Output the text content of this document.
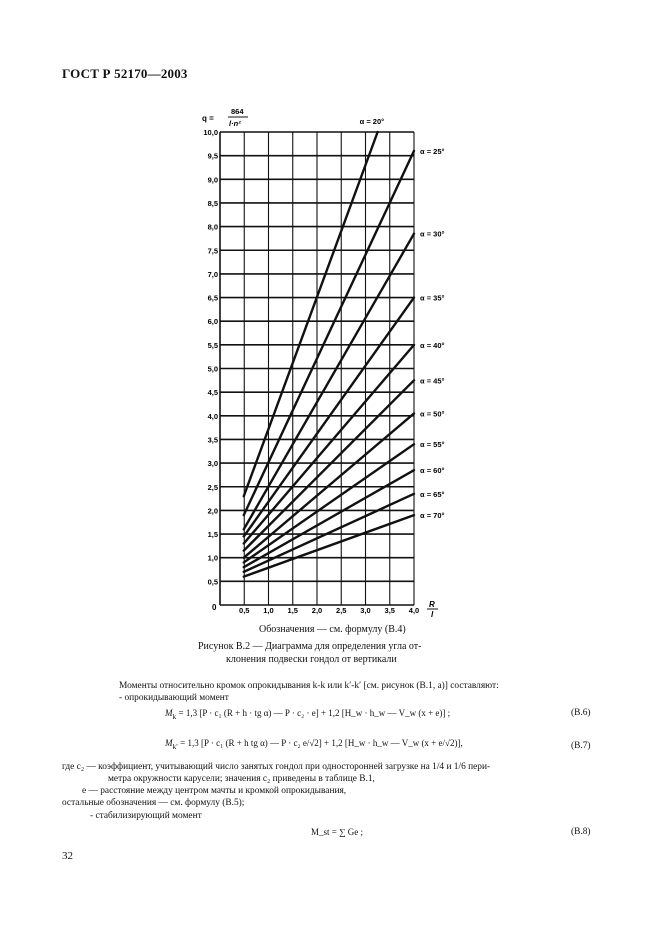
ГОСТ Р 52170—2003
10,0
9,5
9,0
8,5
8,0
7,5
7,0
6,5
6,0
5,5
5,0
4,5
4,0
3,5
3,0
2,5
2,0
1,5
1,0
0,5
0,5 1,0 1,5 2,0 2,5 3,0 3,5 4,0
α = 20°
α = 25°
α = 30°
α = 35°
α = 40°
α = 45°
α = 50°
α = 55°
α = 60°
α = 65°
α = 70°
q =
864
l·n²
0	R
l
Обозначения — см. формулу (B.4)
Рисунок В.2 — Диаграмма для определения угла от-
клонения подвески гондол от вертикали
Моменты относительно кромок опрокидывания k-k или k′-k′ [см. рисунок (В.1, а)] составляют:
- опрокидывающий момент
$M_k = 1,3$ [P · c₁ (R + h · tg α) — P · c₂ · e] + 1,2 [H_w · h_w — V_w (x + e)] ;	(B.6)
$M_{k'} = 1,3$ [P · c₁ (R + h tg α) — P · c₂ e/√2] + 1,2 [H_w · h_w — V_w (x + e/√2)],	(B.7)
где c₂ — коэффициент, учитывающий число занятых гондол при односторонней загрузке на 1/4 и 1/6 пери-
метра окружности карусели; значения c₂ приведены в таблице В.1,
e — расстояние между центром мачты и кромкой опрокидывания,
остальные обозначения — см. формулу (В.5);
- стабилизирующий момент
M_st = ∑ Ge ;	(B.8)
32
